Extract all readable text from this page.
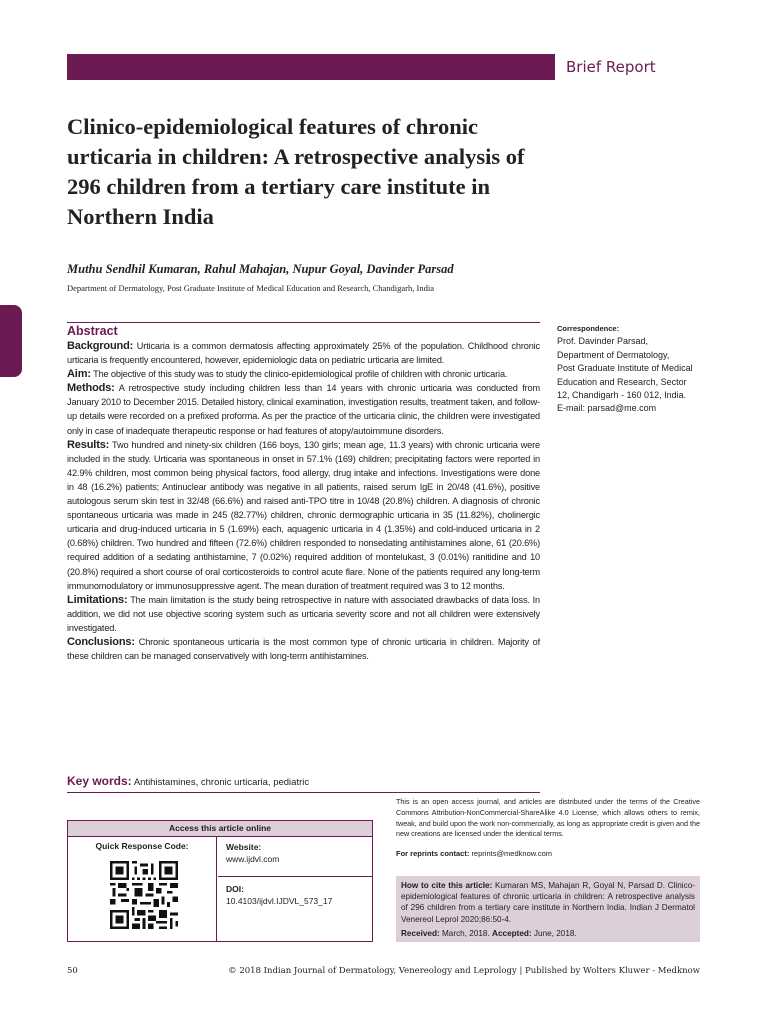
Brief Report
Clinico-epidemiological features of chronic urticaria in children: A retrospective analysis of 296 children from a tertiary care institute in Northern India
Muthu Sendhil Kumaran, Rahul Mahajan, Nupur Goyal, Davinder Parsad
Department of Dermatology, Post Graduate Institute of Medical Education and Research, Chandigarh, India
Abstract

Background: Urticaria is a common dermatosis affecting approximately 25% of the population. Childhood chronic urticaria is frequently encountered, however, epidemiologic data on pediatric urticaria are limited.

Aim: The objective of this study was to study the clinico-epidemiological profile of children with chronic urticaria.

Methods: A retrospective study including children less than 14 years with chronic urticaria was conducted from January 2010 to December 2015. Detailed history, clinical examination, investigation results, treatment taken, and follow-up details were recorded on a prefixed proforma. As per the practice of the urticaria clinic, the children were investigated only in case of inadequate therapeutic response or had features of atopy/autoimmune disorders.

Results: Two hundred and ninety-six children (166 boys, 130 girls; mean age, 11.3 years) with chronic urticaria were included in the study. Urticaria was spontaneous in onset in 57.1% (169) children; precipitating factors were reported in 42.9% children, most common being physical factors, food allergy, drug intake and infections. Investigations were done in 48 (16.2%) patients; Antinuclear antibody was negative in all patients, raised serum IgE in 20/48 (41.6%), positive autologous serum skin test in 32/48 (66.6%) and raised anti-TPO titre in 10/48 (20.8%) children. A diagnosis of chronic spontaneous urticaria was made in 245 (82.77%) children, chronic dermographic urticaria in 35 (11.82%), cholinergic urticaria and drug-induced urticaria in 5 (1.69%) each, aquagenic urticaria in 4 (1.35%) and cold-induced urticaria in 2 (0.68%) children. Two hundred and fifteen (72.6%) children responded to nonsedating antihistamines alone, 61 (20.6%) required addition of a sedating antihistamine, 7 (0.02%) required addition of montelukast, 3 (0.01%) ranitidine and 10 (20.8%) required a short course of oral corticosteroids to control acute flare. None of the patients required any long-term immunomodulatory or immunosuppressive agent. The mean duration of treatment required was 3 to 12 months.

Limitations: The main limitation is the study being retrospective in nature with associated drawbacks of data loss. In addition, we did not use objective scoring system such as urticaria severity score and not all children were extensively investigated.

Conclusions: Chronic spontaneous urticaria is the most common type of chronic urticaria in children. Majority of these children can be managed conservatively with long-term antihistamines.

Correspondence:
Prof. Davinder Parsad,
Department of Dermatology,
Post Graduate Institute of Medical
Education and Research, Sector
12, Chandigarh - 160 012, India.
E-mail: parsad@me.com
Key words: Antihistamines, chronic urticaria, pediatric
This is an open access journal, and articles are distributed under the terms of the Creative Commons Attribution-NonCommercial-ShareAlike 4.0 License, which allows others to remix, tweak, and build upon the work non-commercially, as long as appropriate credit is given and the new creations are licensed under the identical terms.
For reprints contact: reprints@medknow.com
Access this article online
Quick Response Code:	Website:
www.ijdvl.com
DOI:
10.4103/ijdvl.IJDVL_573_17
How to cite this article: Kumaran MS, Mahajan R, Goyal N, Parsad D. Clinico-epidemiological features of chronic urticaria in children: A retrospective analysis of 296 children from a tertiary care institute in Northern India. Indian J Dermatol Venereol Leprol 2020;86:50-4.
Received: March, 2018. Accepted: June, 2018.
50	© 2018 Indian Journal of Dermatology, Venereology and Leprology | Published by Wolters Kluwer - Medknow
